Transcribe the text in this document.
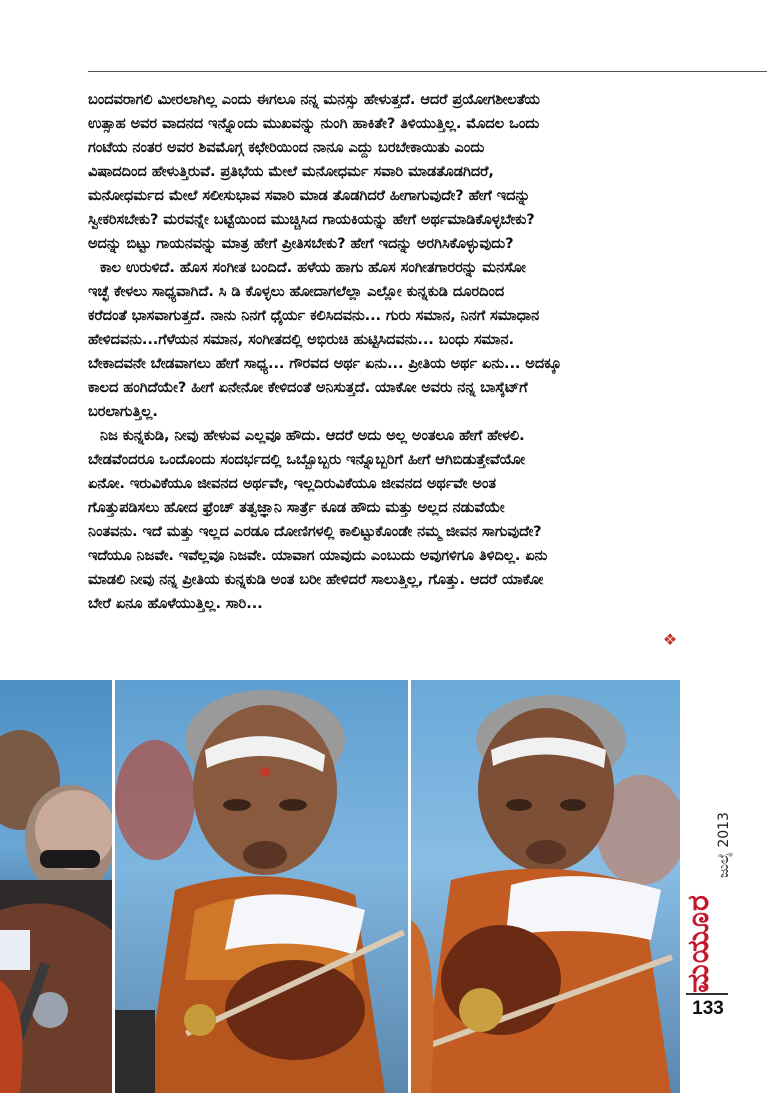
ಬಂದವರಾಗಲಿ ಮೀರಲಾಗಿಲ್ಲ ಎಂದು ಈಗಲೂ ನನ್ನ ಮನಸ್ಸು ಹೇಳುತ್ತದೆ. ಆದರೆ ಪ್ರಯೋಗಶೀಲತೆಯ
ಉತ್ಸಾಹ ಅವರ ವಾದನದ ಇನ್ನೊಂದು ಮುಖವನ್ನು ನುಂಗಿ ಹಾಕಿತೇ? ತಿಳಿಯುತ್ತಿಲ್ಲ. ಮೊದಲ ಒಂದು
ಗಂಟೆಯ ನಂತರ ಅವರ ಶಿವಮೊಗ್ಗ ಕಛೇರಿಯಿಂದ ನಾನೂ ಎದ್ದು ಬರಬೇಕಾಯಿತು ಎಂದು
ವಿಷಾದದಿಂದ ಹೇಳುತ್ತಿರುವೆ. ಪ್ರತಿಭೆಯ ಮೇಲೆ ಮನೋಧರ್ಮ ಸವಾರಿ ಮಾಡತೊಡಗಿದರೆ,
ಮನೋಧರ್ಮದ ಮೇಲೆ ಸಲೀಸುಭಾವ ಸವಾರಿ ಮಾಡ ತೊಡಗಿದರೆ ಹೀಗಾಗುವುದೇ? ಹೇಗೆ ಇದನ್ನು
ಸ್ವೀಕರಿಸಬೇಕು? ಮರವನ್ನೇ ಬಟ್ಟೆಯಿಂದ ಮುಚ್ಚಿಸಿದ ಗಾಯಕಿಯನ್ನು ಹೇಗೆ ಅರ್ಥಮಾಡಿಕೊಳ್ಳಬೇಕು?
ಅದನ್ನು ಬಿಟ್ಟು ಗಾಯನವನ್ನು ಮಾತ್ರ ಹೇಗೆ ಪ್ರೀತಿಸಬೇಕು? ಹೇಗೆ ಇದನ್ನು ಅರಗಿಸಿಕೊಳ್ಳುವುದು?

ಕಾಲ ಉರುಳಿದೆ. ಹೊಸ ಸಂಗೀತ ಬಂದಿದೆ. ಹಳೆಯ ಹಾಗು ಹೊಸ ಸಂಗೀತಗಾರರನ್ನು ಮನಸೋ
ಇಚ್ಛೆ ಕೇಳಲು ಸಾಧ್ಯವಾಗಿದೆ. ಸಿ ಡಿ ಕೊಳ್ಳಲು ಹೋದಾಗಲೆಲ್ಲಾ ಎಲ್ಲೋ ಕುನ್ನಕುಡಿ ದೂರದಿಂದ
ಕರೆದಂತೆ ಭಾಸವಾಗುತ್ತದೆ. ನಾನು ನಿನಗೆ ಧೈರ್ಯ ಕಲಿಸಿದವನು... ಗುರು ಸಮಾನ, ನಿನಗೆ ಸಮಾಧಾನ
ಹೇಳಿದವನು...ಗೆಳೆಯನ ಸಮಾನ, ಸಂಗೀತದಲ್ಲಿ ಅಭಿರುಚಿ ಹುಟ್ಟಿಸಿದವನು... ಬಂಧು ಸಮಾನ.
ಬೇಕಾದವನೇ ಬೇಡವಾಗಲು ಹೇಗೆ ಸಾಧ್ಯ... ಗೌರವದ ಅರ್ಥ ಏನು... ಪ್ರೀತಿಯ ಅರ್ಥ ಏನು... ಅದಕ್ಕೂ
ಕಾಲದ ಹಂಗಿದೆಯೇ? ಹೀಗೆ ಏನೇನೋ ಕೇಳಿದಂತೆ ಅನಿಸುತ್ತದೆ. ಯಾಕೋ ಅವರು ನನ್ನ ಬಾಸ್ಕೆಟ್‌ಗೆ
ಬರಲಾಗುತ್ತಿಲ್ಲ.

ನಿಜ ಕುನ್ನಕುಡಿ, ನೀವು ಹೇಳುವ ಎಲ್ಲವೂ ಹೌದು. ಆದರೆ ಅದು ಅಲ್ಲ ಅಂತಲೂ ಹೇಗೆ ಹೇಳಲಿ.
ಬೇಡವೆಂದರೂ ಒಂದೊಂದು ಸಂದರ್ಭದಲ್ಲಿ ಒಬ್ಬೊಬ್ಬರು ಇನ್ನೊಬ್ಬರಿಗೆ ಹೀಗೆ ಆಗಿಬಿಡುತ್ತೇವೆಯೋ
ಏನೋ. ಇರುವಿಕೆಯೂ ಜೀವನದ ಅರ್ಥವೇ, ಇಲ್ಲದಿರುವಿಕೆಯೂ ಜೀವನದ ಅರ್ಥವೇ ಅಂತ
ಗೊತ್ತುಪಡಿಸಲು ಹೋದ ಫ್ರೆಂಚ್ ತತ್ವಜ್ಞಾನಿ ಸಾರ್ತ್ರೆ ಕೂಡ ಹೌದು ಮತ್ತು ಅಲ್ಲದ ನಡುವೆಯೇ
ನಿಂತವನು. ಇದೆ ಮತ್ತು ಇಲ್ಲದ ಎರಡೂ ದೋಣಿಗಳಲ್ಲಿ ಕಾಲಿಟ್ಟುಕೊಂಡೇ ನಮ್ಮ ಜೀವನ ಸಾಗುವುದೇ?
ಇದೆಯೂ ನಿಜವೇ. ಇವೆಲ್ಲವೂ ನಿಜವೇ. ಯಾವಾಗ ಯಾವುದು ಎಂಬುದು ಅವುಗಳಿಗೂ ತಿಳಿದಿಲ್ಲ. ಏನು
ಮಾಡಲಿ ನೀವು ನನ್ನ ಪ್ರೀತಿಯ ಕುನ್ನಕುಡಿ ಅಂತ ಬರೀ ಹೇಳಿದರೆ ಸಾಲುತ್ತಿಲ್ಲ, ಗೊತ್ತು. ಆದರೆ ಯಾಕೋ
ಬೇರೆ ಏನೂ ಹೊಳೆಯುತ್ತಿಲ್ಲ. ಸಾರಿ...

❖
ಜುಲೈ 2013
ಮಯೂರ
133
